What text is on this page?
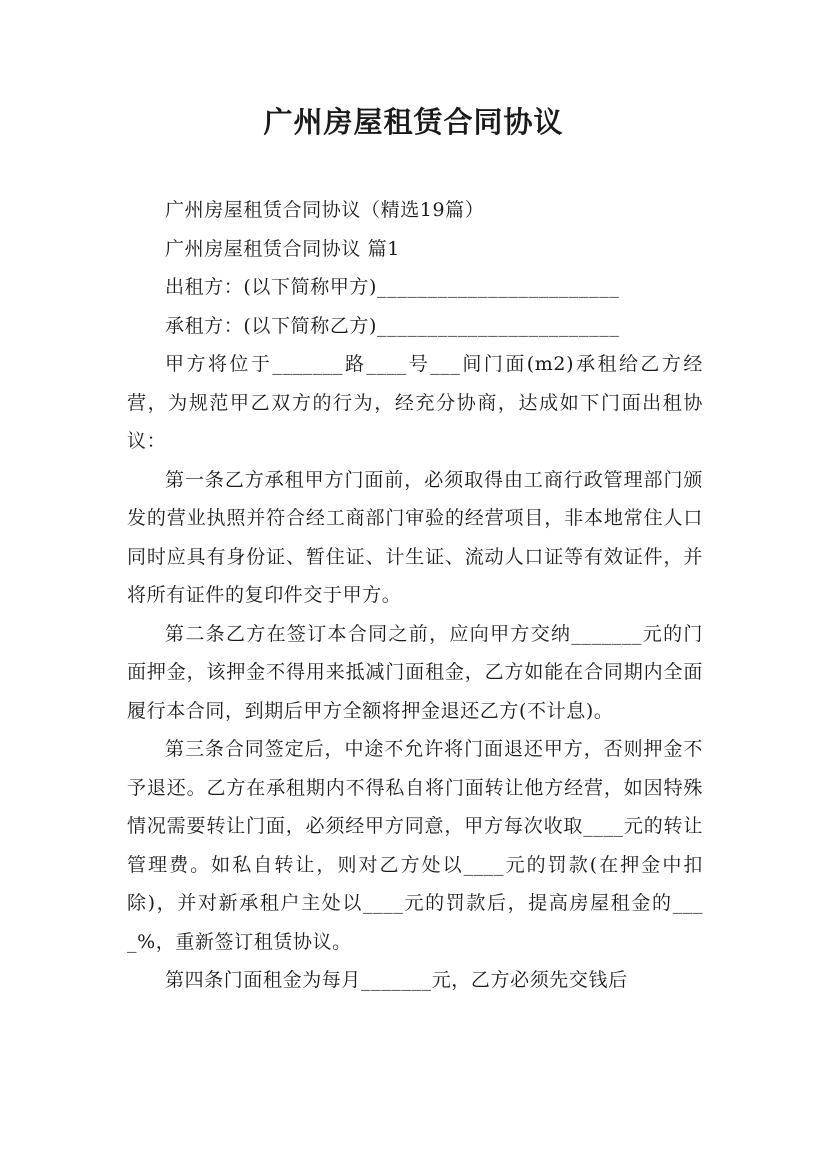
广州房屋租赁合同协议

广州房屋租赁合同协议（精选19篇）

广州房屋租赁合同协议 篇1

出租方：(以下简称甲方)________________________

承租方：(以下简称乙方)________________________

甲方将位于_______路____号___间门面(m2)承租给乙方经营，为规范甲乙双方的行为，经充分协商，达成如下门面出租协议：

第一条乙方承租甲方门面前，必须取得由工商行政管理部门颁发的营业执照并符合经工商部门审验的经营项目，非本地常住人口同时应具有身份证、暂住证、计生证、流动人口证等有效证件，并将所有证件的复印件交于甲方。

第二条乙方在签订本合同之前，应向甲方交纳_______元的门面押金，该押金不得用来抵减门面租金，乙方如能在合同期内全面履行本合同，到期后甲方全额将押金退还乙方(不计息)。

第三条合同签定后，中途不允许将门面退还甲方，否则押金不予退还。乙方在承租期内不得私自将门面转让他方经营，如因特殊情况需要转让门面，必须经甲方同意，甲方每次收取____元的转让管理费。如私自转让，则对乙方处以____元的罚款(在押金中扣除)，并对新承租户主处以____元的罚款后，提高房屋租金的____%，重新签订租赁协议。

第四条门面租金为每月_______元，乙方必须先交钱后
